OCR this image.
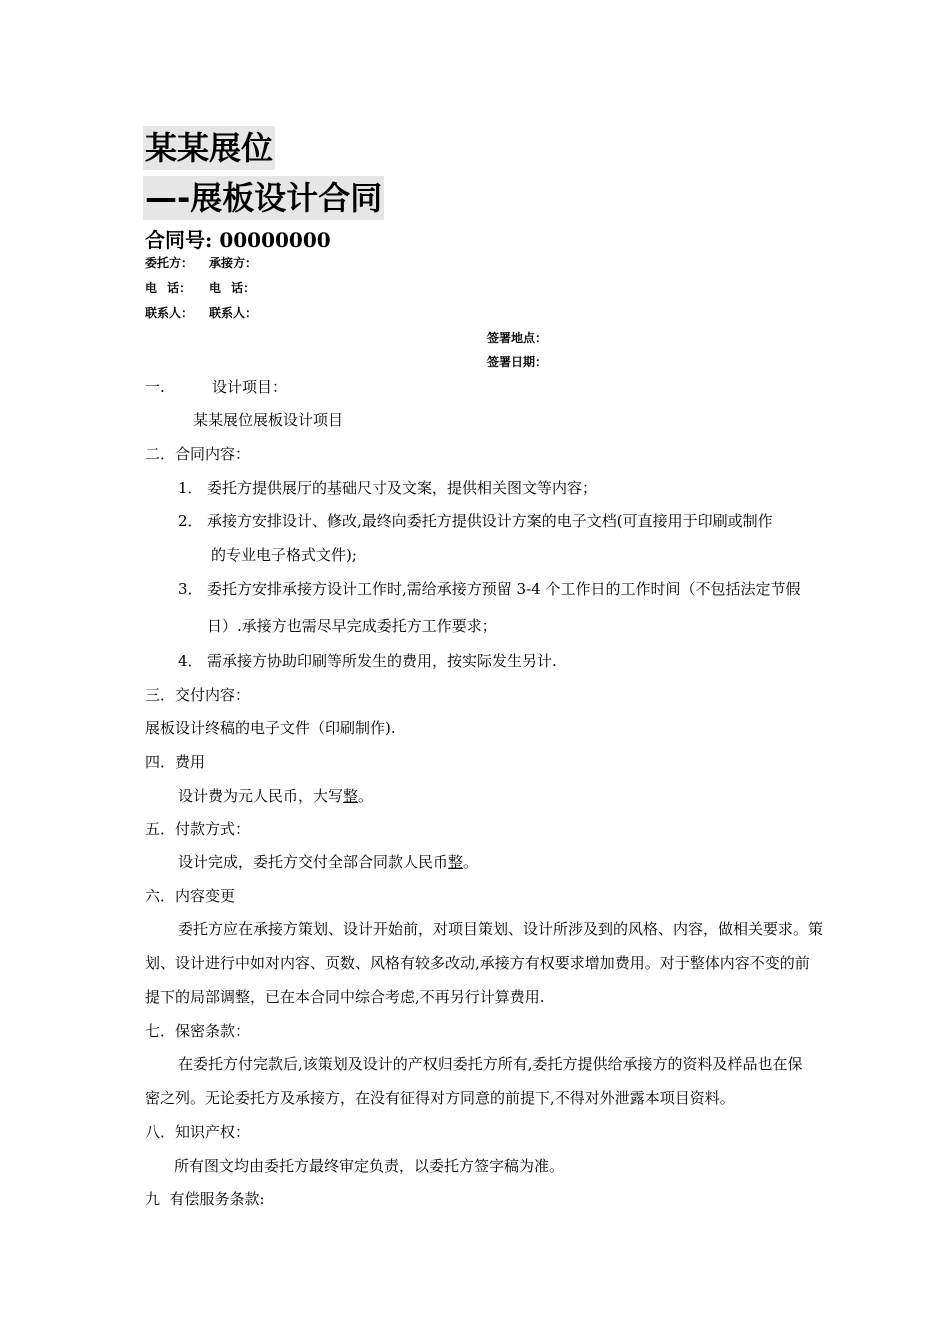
某某展位
—-展板设计合同
合同号: 00000000
委托方： 承接方：
电 话： 电 话：
联系人： 联系人：
签署地点：
签署日期：
一.	设计项目：
某某展位展板设计项目
二．合同内容：
1． 委托方提供展厅的基础尺寸及文案，提供相关图文等内容；
2． 承接方安排设计、修改,最终向委托方提供设计方案的电子文档(可直接用于印刷或制作
的专业电子格式文件);
3． 委托方安排承接方设计工作时,需给承接方预留 3-4 个工作日的工作时间（不包括法定节假
日）.承接方也需尽早完成委托方工作要求；
4． 需承接方协助印刷等所发生的费用，按实际发生另计.
三．交付内容：
展板设计终稿的电子文件（印刷制作).
四．费用
设计费为元人民币，大写整。
五．付款方式：
设计完成，委托方交付全部合同款人民币整。
六．内容变更
委托方应在承接方策划、设计开始前，对项目策划、设计所涉及到的风格、内容，做相关要求。策
划、设计进行中如对内容、页数、风格有较多改动,承接方有权要求增加费用。对于整体内容不变的前
提下的局部调整，已在本合同中综合考虑,不再另行计算费用.
七．保密条款：
在委托方付完款后,该策划及设计的产权归委托方所有,委托方提供给承接方的资料及样品也在保
密之列。无论委托方及承接方，在没有征得对方同意的前提下,不得对外泄露本项目资料。
八．知识产权：
所有图文均由委托方最终审定负责，以委托方签字稿为准。
九  有偿服务条款:
